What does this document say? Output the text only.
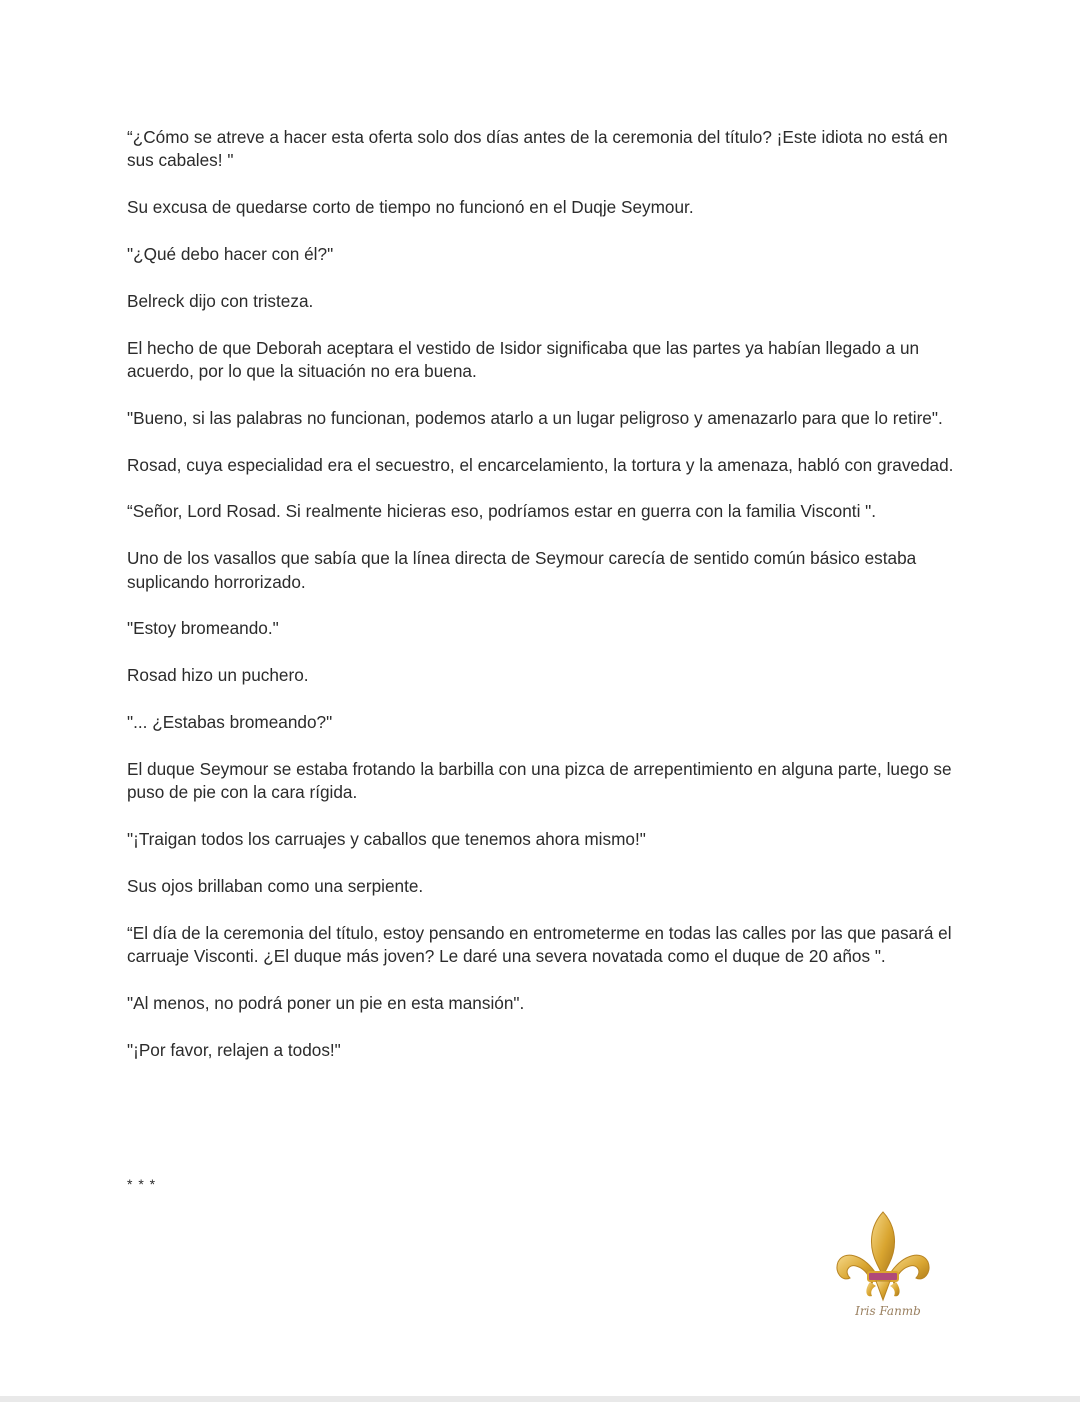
“¿Cómo se atreve a hacer esta oferta solo dos días antes de la ceremonia del título? ¡Este idiota no está en sus cabales! "

Su excusa de quedarse corto de tiempo no funcionó en el Duqje Seymour.

"¿Qué debo hacer con él?"

Belreck dijo con tristeza.

El hecho de que Deborah aceptara el vestido de Isidor significaba que las partes ya habían llegado a un acuerdo, por lo que la situación no era buena.

"Bueno, si las palabras no funcionan, podemos atarlo a un lugar peligroso y amenazarlo para que lo retire".

Rosad, cuya especialidad era el secuestro, el encarcelamiento, la tortura y la amenaza, habló con gravedad.

“Señor, Lord Rosad. Si realmente hicieras eso, podríamos estar en guerra con la familia Visconti ".

Uno de los vasallos que sabía que la línea directa de Seymour carecía de sentido común básico estaba suplicando horrorizado.

"Estoy bromeando."

Rosad hizo un puchero.

"... ¿Estabas bromeando?"

El duque Seymour se estaba frotando la barbilla con una pizca de arrepentimiento en alguna parte, luego se puso de pie con la cara rígida.

"¡Traigan todos los carruajes y caballos que tenemos ahora mismo!"

Sus ojos brillaban como una serpiente.

“El día de la ceremonia del título, estoy pensando en entrometerme en todas las calles por las que pasará el carruaje Visconti. ¿El duque más joven? Le daré una severa novatada como el duque de 20 años ".

"Al menos, no podrá poner un pie en esta mansión".

"¡Por favor, relajen a todos!"

* * *
Iris Fanmb
